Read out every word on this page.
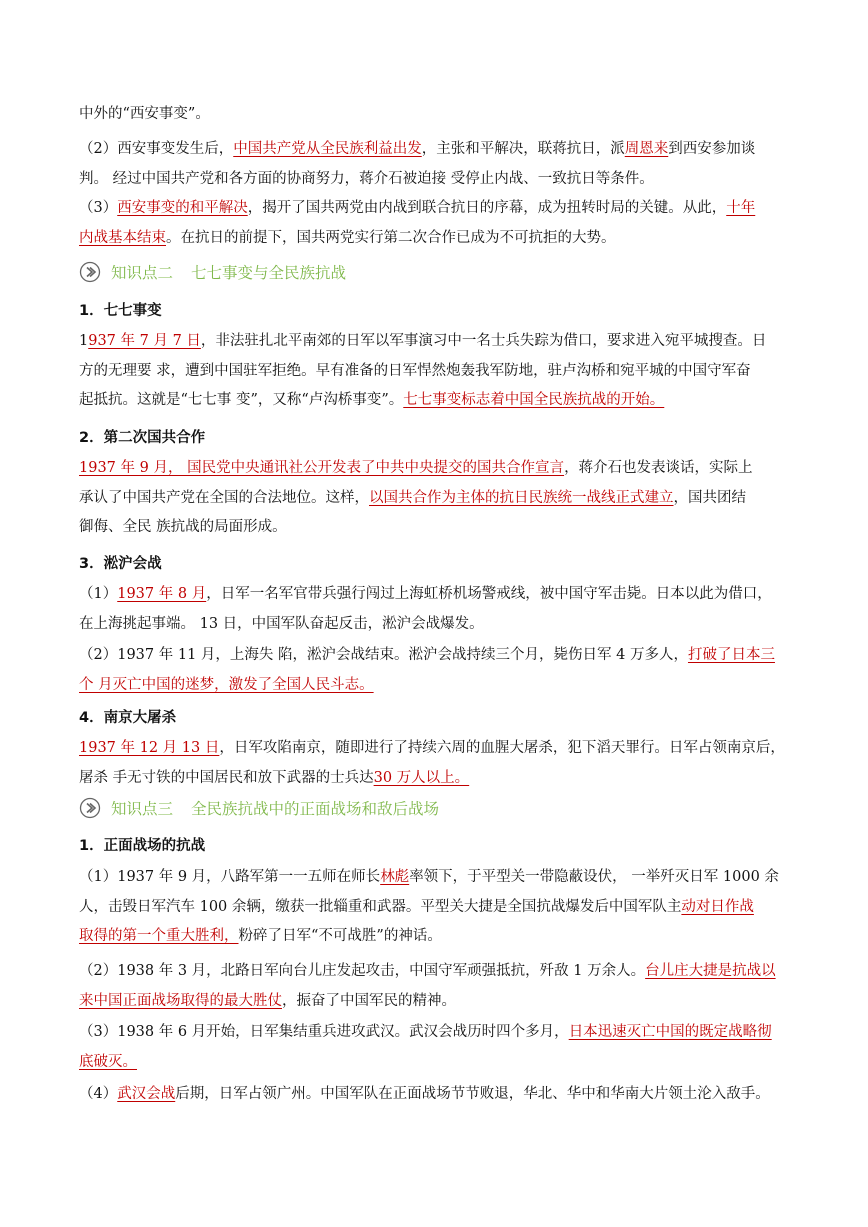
中外的“西安事变”。
（2）西安事变发生后，中国共产党从全民族利益出发，主张和平解决，联蒋抗日，派周恩来到西安参加谈
判。 经过中国共产党和各方面的协商努力，蒋介石被迫接 受停止内战、一致抗日等条件。
（3）西安事变的和平解决，揭开了国共两党由内战到联合抗日的序幕，成为扭转时局的关键。从此，十年
内战基本结束。在抗日的前提下，国共两党实行第二次合作已成为不可抗拒的大势。
知识点二 七七事变与全民族抗战
1．七七事变
1937 年 7 月 7 日，非法驻扎北平南郊的日军以军事演习中一名士兵失踪为借口，要求进入宛平城搜查。日
方的无理要 求，遭到中国驻军拒绝。早有准备的日军悍然炮轰我军防地，驻卢沟桥和宛平城的中国守军奋
起抵抗。这就是“七七事 变”，又称“卢沟桥事变”。七七事变标志着中国全民族抗战的开始。
2．第二次国共合作
1937 年 9 月， 国民党中央通讯社公开发表了中共中央提交的国共合作宣言，蒋介石也发表谈话，实际上
承认了中国共产党在全国的合法地位。这样，以国共合作为主体的抗日民族统一战线正式建立，国共团结
御侮、全民 族抗战的局面形成。
3．淞沪会战
（1）1937 年 8 月，日军一名军官带兵强行闯过上海虹桥机场警戒线，被中国守军击毙。日本以此为借口，
在上海挑起事端。 13 日，中国军队奋起反击，淞沪会战爆发。
（2）1937 年 11 月，上海失 陷，淞沪会战结束。淞沪会战持续三个月，毙伤日军 4 万多人，打破了日本三
个 月灭亡中国的迷梦，激发了全国人民斗志。
4．南京大屠杀
1937 年 12 月 13 日，日军攻陷南京，随即进行了持续六周的血腥大屠杀，犯下滔天罪行。日军占领南京后，
屠杀 手无寸铁的中国居民和放下武器的士兵达30 万人以上。
知识点三 全民族抗战中的正面战场和敌后战场
1．正面战场的抗战
（1）1937 年 9 月，八路军第一一五师在师长林彪率领下，于平型关一带隐蔽设伏， 一举歼灭日军 1000 余
人，击毁日军汽车 100 余辆，缴获一批辎重和武器。平型关大捷是全国抗战爆发后中国军队主动对日作战
取得的第一个重大胜利，粉碎了日军“不可战胜”的神话。
（2）1938 年 3 月，北路日军向台儿庄发起攻击，中国守军顽强抵抗，歼敌 1 万余人。台儿庄大捷是抗战以
来中国正面战场取得的最大胜仗，振奋了中国军民的精神。
（3）1938 年 6 月开始，日军集结重兵进攻武汉。武汉会战历时四个多月，日本迅速灭亡中国的既定战略彻
底破灭。
（4）武汉会战后期，日军占领广州。中国军队在正面战场节节败退，华北、华中和华南大片领土沦入敌手。
